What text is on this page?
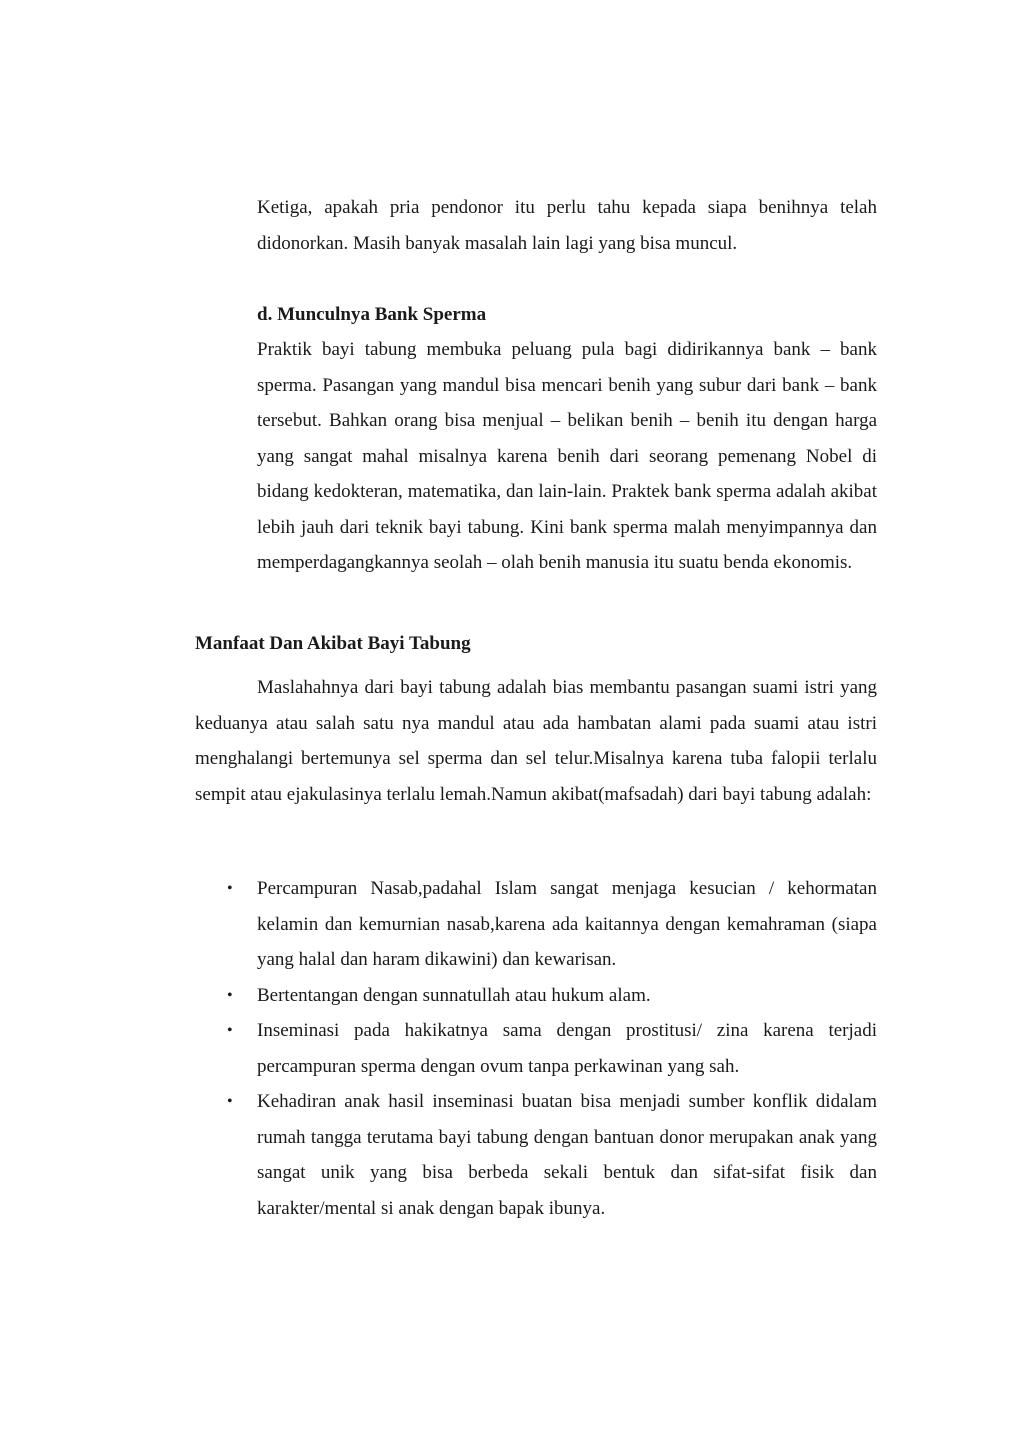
Ketiga, apakah pria pendonor itu perlu tahu kepada siapa benihnya telah didonorkan. Masih banyak masalah lain lagi yang bisa muncul.

d. Munculnya Bank Sperma

Praktik bayi tabung membuka peluang pula bagi didirikannya bank – bank sperma. Pasangan yang mandul bisa mencari benih yang subur dari bank – bank tersebut. Bahkan orang bisa menjual – belikan benih – benih itu dengan harga yang sangat mahal misalnya karena benih dari seorang pemenang Nobel di bidang kedokteran, matematika, dan lain-lain. Praktek bank sperma adalah akibat lebih jauh dari teknik bayi tabung. Kini bank sperma malah menyimpannya dan memperdagangkannya seolah – olah benih manusia itu suatu benda ekonomis.

Manfaat Dan Akibat Bayi Tabung

Maslahahnya dari bayi tabung adalah bias membantu pasangan suami istri yang keduanya atau salah satu nya mandul atau ada hambatan alami pada suami atau istri menghalangi bertemunya sel sperma dan sel telur.Misalnya karena tuba falopii terlalu sempit atau ejakulasinya terlalu lemah.Namun akibat(mafsadah) dari bayi tabung adalah:

• Percampuran Nasab,padahal Islam sangat menjaga kesucian / kehormatan kelamin dan kemurnian nasab,karena ada kaitannya dengan kemahraman (siapa yang halal dan haram dikawini) dan kewarisan.
• Bertentangan dengan sunnatullah atau hukum alam.
• Inseminasi pada hakikatnya sama dengan prostitusi/ zina karena terjadi percampuran sperma dengan ovum tanpa perkawinan yang sah.
• Kehadiran anak hasil inseminasi buatan bisa menjadi sumber konflik didalam rumah tangga terutama bayi tabung dengan bantuan donor merupakan anak yang sangat unik yang bisa berbeda sekali bentuk dan sifat-sifat fisik dan karakter/mental si anak dengan bapak ibunya.
